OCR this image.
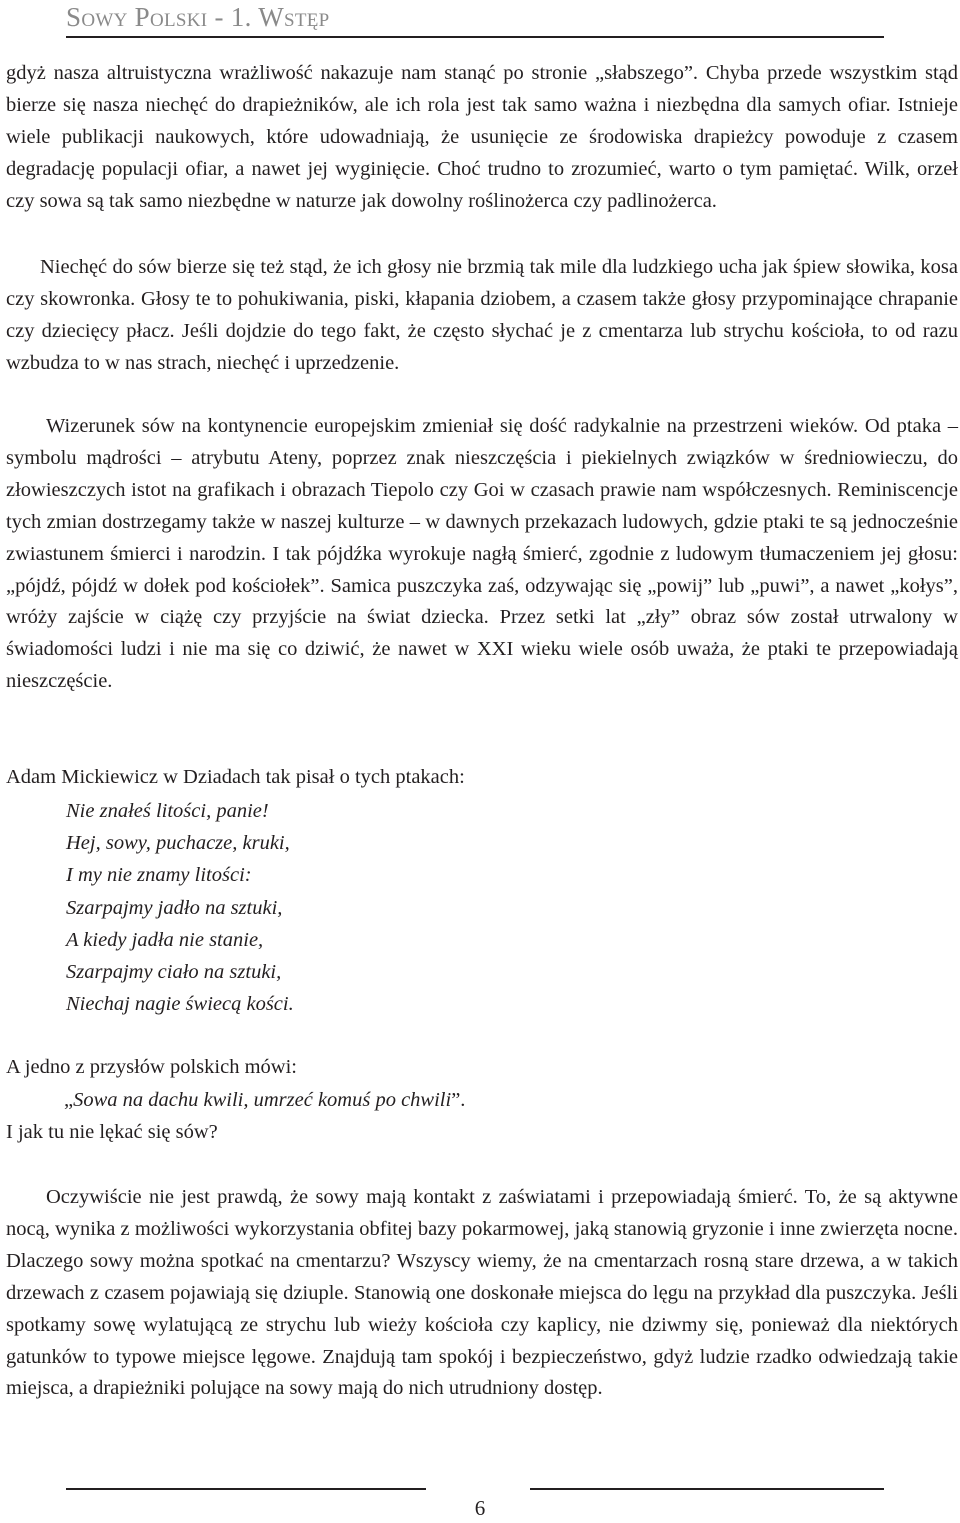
Sowy Polski - 1. Wstęp

gdyż nasza altruistyczna wrażliwość nakazuje nam stanąć po stronie „słabszego”. Chyba przede wszystkim stąd bierze się nasza niechęć do drapieżników, ale ich rola jest tak samo ważna i niezbędna dla samych ofiar. Istnieje wiele publikacji naukowych, które udowadniają, że usunięcie ze środowiska drapieżcy powoduje z czasem degradację populacji ofiar, a nawet jej wyginięcie. Choć trudno to zrozumieć, warto o tym pamiętać. Wilk, orzeł czy sowa są tak samo niezbędne w naturze jak dowolny roślinożerca czy padlinożerca.

Niechęć do sów bierze się też stąd, że ich głosy nie brzmią tak mile dla ludzkiego ucha jak śpiew słowika, kosa czy skowronka. Głosy te to pohukiwania, piski, kłapania dziobem, a czasem także głosy przypominające chrapanie czy dziecięcy płacz. Jeśli dojdzie do tego fakt, że często słychać je z cmentarza lub strychu kościoła, to od razu wzbudza to w nas strach, niechęć i uprzedzenie.

Wizerunek sów na kontynencie europejskim zmieniał się dość radykalnie na przestrzeni wieków. Od ptaka – symbolu mądrości – atrybutu Ateny, poprzez znak nieszczęścia i piekielnych związków w średniowieczu, do złowieszczych istot na grafikach i obrazach Tiepolo czy Goi w czasach prawie nam współczesnych. Reminiscencje tych zmian dostrzegamy także w naszej kulturze – w dawnych przekazach ludowych, gdzie ptaki te są jednocześnie zwiastunem śmierci i narodzin. I tak pójdźka wyrokuje nagłą śmierć, zgodnie z ludowym tłumaczeniem jej głosu: „pójdź, pójdź w dołek pod kościołek”. Samica puszczyka zaś, odzywając się „powij” lub „puwi”, a nawet „kołys”, wróży zajście w ciążę czy przyjście na świat dziecka. Przez setki lat „zły” obraz sów został utrwalony w świadomości ludzi i nie ma się co dziwić, że nawet w XXI wieku wiele osób uważa, że ptaki te przepowiadają nieszczęście.

Adam Mickiewicz w Dziadach tak pisał o tych ptakach:

Nie znałeś litości, panie!
Hej, sowy, puchacze, kruki,
I my nie znamy litości:
Szarpajmy jadło na sztuki,
A kiedy jadła nie stanie,
Szarpajmy ciało na sztuki,
Niechaj nagie świecą kości.

A jedno z przysłów polskich mówi:

„Sowa na dachu kwili, umrzeć komuś po chwili”.

I jak tu nie lękać się sów?

Oczywiście nie jest prawdą, że sowy mają kontakt z zaświatami i przepowiadają śmierć. To, że są aktywne nocą, wynika z możliwości wykorzystania obfitej bazy pokarmowej, jaką stanowią gryzonie i inne zwierzęta nocne. Dlaczego sowy można spotkać na cmentarzu? Wszyscy wiemy, że na cmentarzach rosną stare drzewa, a w takich drzewach z czasem pojawiają się dziuple. Stanowią one doskonałe miejsca do lęgu na przykład dla puszczyka. Jeśli spotkamy sowę wylatującą ze strychu lub wieży kościoła czy kaplicy, nie dziwmy się, ponieważ dla niektórych gatunków to typowe miejsce lęgowe. Znajdują tam spokój i bezpieczeństwo, gdyż ludzie rzadko odwiedzają takie miejsca, a drapieżniki polujące na sowy mają do nich utrudniony dostęp.

6
